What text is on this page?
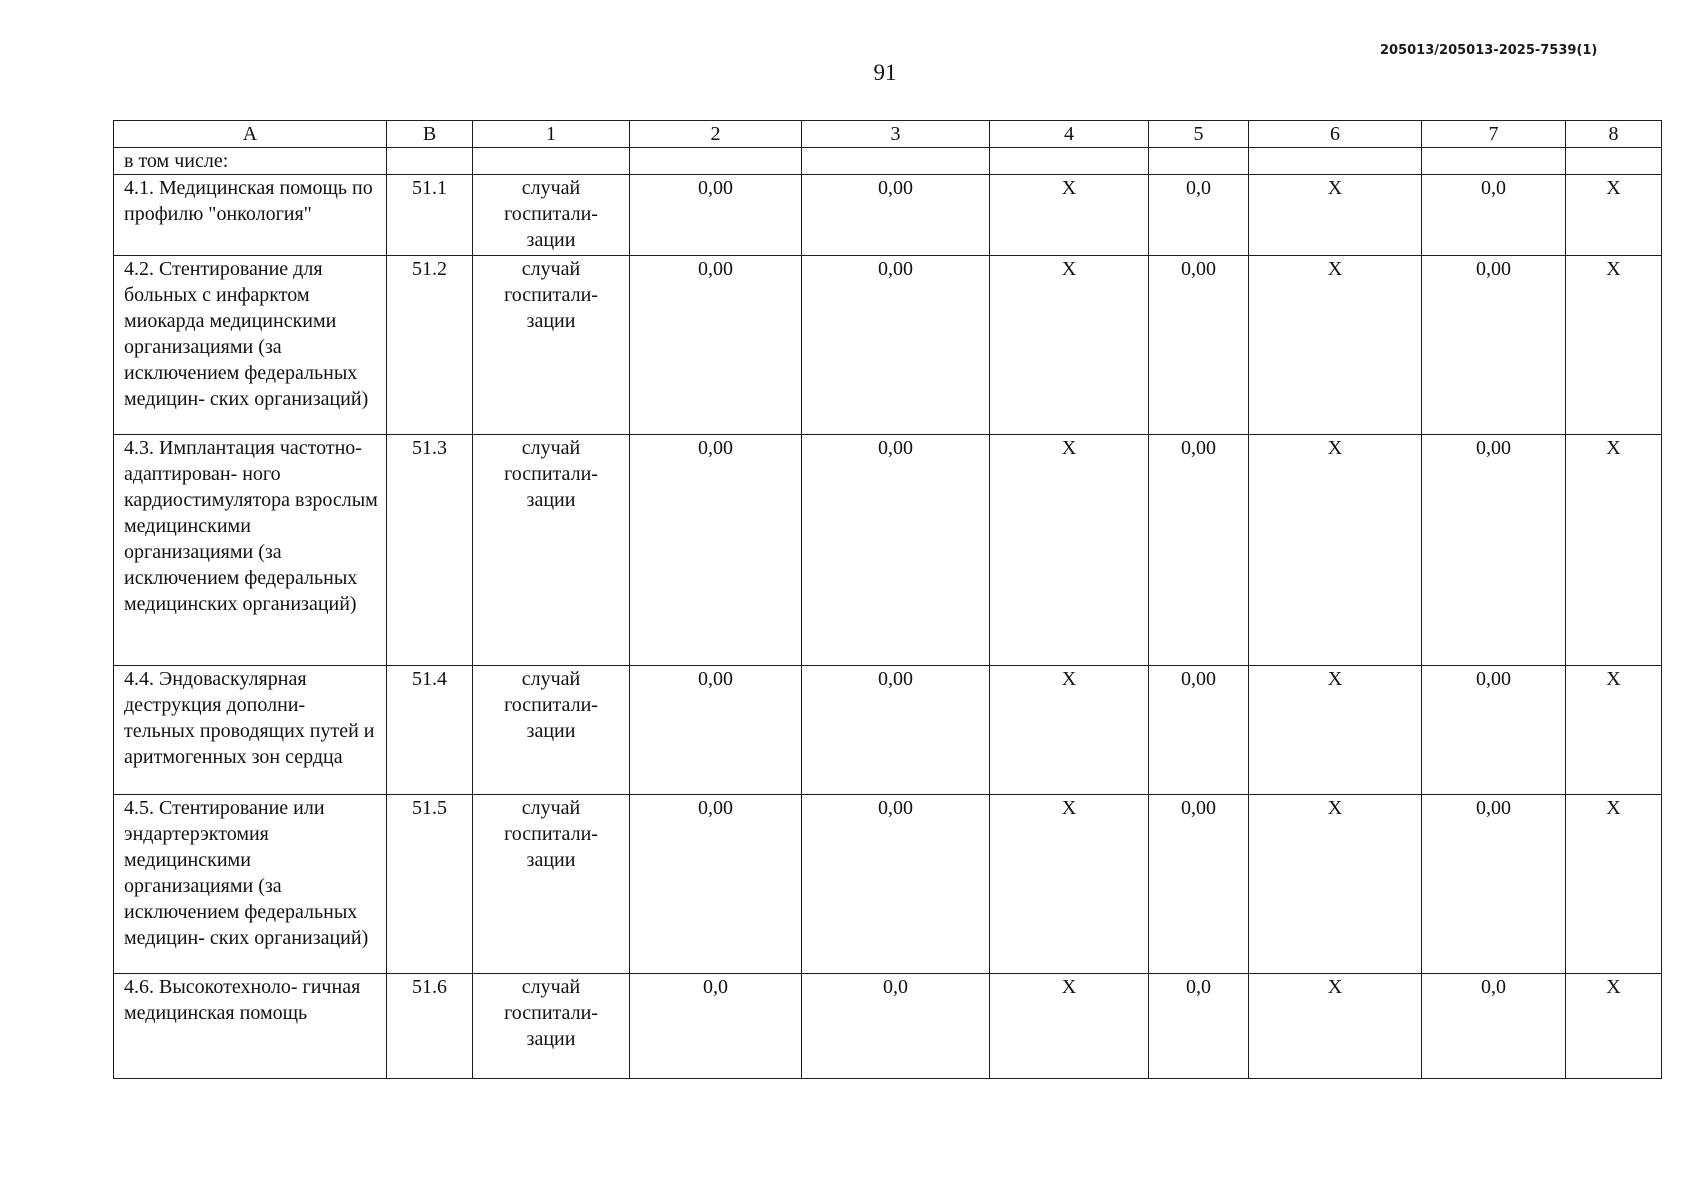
205013/205013-2025-7539(1)
91
А	В	1	2	3	4	5	6	7	8
в том числе:									
4.1. Медицинская помощь по профилю "онкология"	51.1	случай госпитали- зации	0,00	0,00	X	0,0	X	0,0	X
4.2. Стентирование для больных с инфарктом миокарда медицинскими организациями (за исключением федеральных медицин- ских организаций)	51.2	случай госпитали- зации	0,00	0,00	X	0,00	X	0,00	X
4.3. Имплантация частотно-адаптирован- ного кардиостимулятора взрослым медицинскими организациями (за исключением федеральных медицинских организаций)	51.3	случай госпитали- зации	0,00	0,00	X	0,00	X	0,00	X
4.4. Эндоваскулярная деструкция дополни- тельных проводящих путей и аритмогенных зон сердца	51.4	случай госпитали- зации	0,00	0,00	X	0,00	X	0,00	X
4.5. Стентирование или эндартерэктомия медицинскими организациями (за исключением федеральных медицин- ских организаций)	51.5	случай госпитали- зации	0,00	0,00	X	0,00	X	0,00	X
4.6. Высокотехноло- гичная медицинская помощь	51.6	случай госпитали- зации	0,0	0,0	X	0,0	X	0,0	X
